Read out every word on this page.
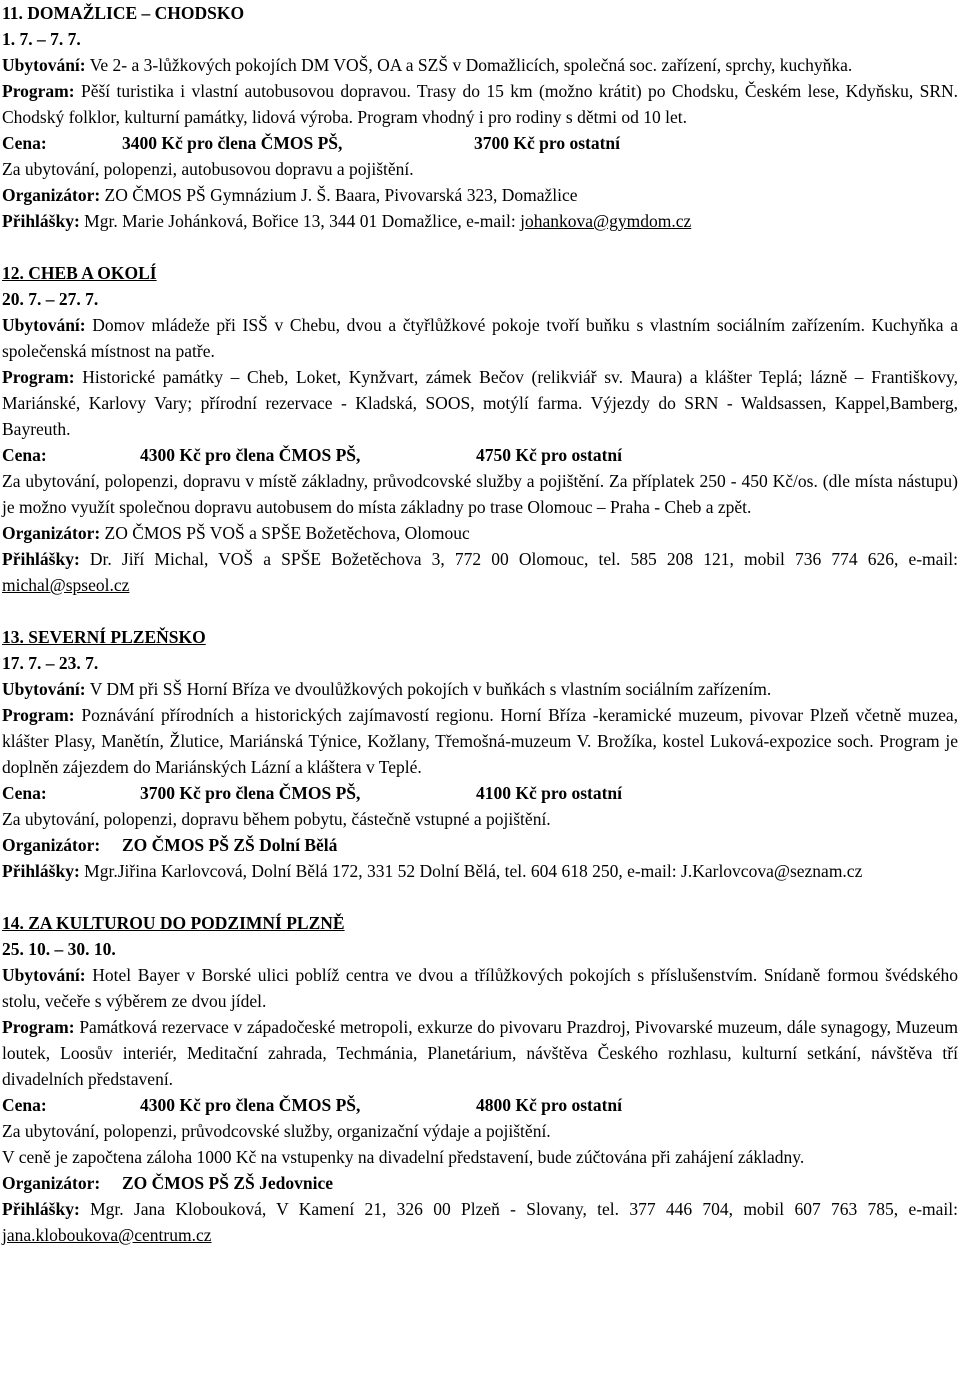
11. DOMAŽLICE – CHODSKO
1. 7. – 7. 7.
Ubytování: Ve 2- a 3-lůžkových pokojích DM VOŠ, OA a SZŠ v Domažlicích, společná soc. zařízení, sprchy, kuchyňka.
Program: Pěší turistika i vlastní autobusovou dopravou. Trasy do 15 km (možno krátit) po Chodsku, Českém lese, Kdyňsku, SRN. Chodský folklor, kulturní památky, lidová výroba. Program vhodný i pro rodiny s dětmi od 10 let.
Cena:	3400 Kč pro člena ČMOS PŠ,	3700 Kč pro ostatní
Za ubytování, polopenzi, autobusovou dopravu a pojištění.
Organizátor: ZO ČMOS PŠ Gymnázium J. Š. Baara, Pivovarská 323, Domažlice
Přihlášky: Mgr. Marie Johánková, Bořice 13, 344 01 Domažlice, e-mail: johankova@gymdom.cz
12. CHEB A OKOLÍ
20. 7. – 27. 7.
Ubytování: Domov mládeže při ISŠ v Chebu, dvou a čtyřlůžkové pokoje tvoří buňku s vlastním sociálním zařízením. Kuchyňka a společenská místnost na patře.
Program: Historické památky – Cheb, Loket, Kynžvart, zámek Bečov (relikviář sv. Maura) a klášter Teplá; lázně – Františkovy, Mariánské, Karlovy Vary; přírodní rezervace - Kladská, SOOS, motýlí farma. Výjezdy do SRN - Waldsassen, Kappel,Bamberg, Bayreuth.
Cena:	4300 Kč pro člena ČMOS PŠ,	4750 Kč pro ostatní
Za ubytování, polopenzi, dopravu v místě základny, průvodcovské služby a pojištění. Za příplatek 250 - 450 Kč/os. (dle místa nástupu) je možno využít společnou dopravu autobusem do místa základny po trase Olomouc – Praha - Cheb a zpět.
Organizátor: ZO ČMOS PŠ VOŠ a SPŠE Božetěchova, Olomouc
Přihlášky: Dr. Jiří Michal, VOŠ a SPŠE Božetěchova 3, 772 00 Olomouc, tel. 585 208 121, mobil 736 774 626, e-mail: michal@spseol.cz
13. SEVERNÍ PLZEŇSKO
17. 7. – 23. 7.
Ubytování: V DM při SŠ Horní Bříza ve dvoulůžkových pokojích v buňkách s vlastním sociálním zařízením.
Program: Poznávání přírodních a historických zajímavostí regionu. Horní Bříza -keramické muzeum, pivovar Plzeň včetně muzea, klášter Plasy, Manětín, Žlutice, Mariánská Týnice, Kožlany, Třemošná-muzeum V. Brožíka, kostel Luková-expozice soch. Program je doplněn zájezdem do Mariánských Lázní a kláštera v Teplé.
Cena:	3700 Kč pro člena ČMOS PŠ,	4100 Kč pro ostatní
Za ubytování, polopenzi, dopravu během pobytu, částečně vstupné a pojištění.
Organizátor: ZO ČMOS PŠ ZŠ Dolní Bělá
Přihlášky: Mgr.Jiřina Karlovcová, Dolní Bělá 172, 331 52 Dolní Bělá, tel. 604 618 250, e-mail: J.Karlovcova@seznam.cz
14. ZA KULTUROU DO PODZIMNÍ PLZNĚ
25. 10. – 30. 10.
Ubytování: Hotel Bayer v Borské ulici poblíž centra ve dvou a třílůžkových pokojích s příslušenstvím. Snídaně formou švédského stolu, večeře s výběrem ze dvou jídel.
Program: Památková rezervace v západočeské metropoli, exkurze do pivovaru Prazdroj, Pivovarské muzeum, dále synagogy, Muzeum loutek, Loosův interiér, Meditační zahrada, Techmánia, Planetárium, návštěva Českého rozhlasu, kulturní setkání, návštěva tří divadelních představení.
Cena:	4300 Kč pro člena ČMOS PŠ,	4800 Kč pro ostatní
Za ubytování, polopenzi, průvodcovské služby, organizační výdaje a pojištění.
V ceně je započtena záloha 1000 Kč na vstupenky na divadelní představení, bude zúčtována při zahájení základny.
Organizátor: ZO ČMOS PŠ ZŠ Jedovnice
Přihlášky: Mgr. Jana Klobouková, V Kamení 21, 326 00 Plzeň - Slovany, tel. 377 446 704, mobil 607 763 785, e-mail: jana.kloboukova@centrum.cz
